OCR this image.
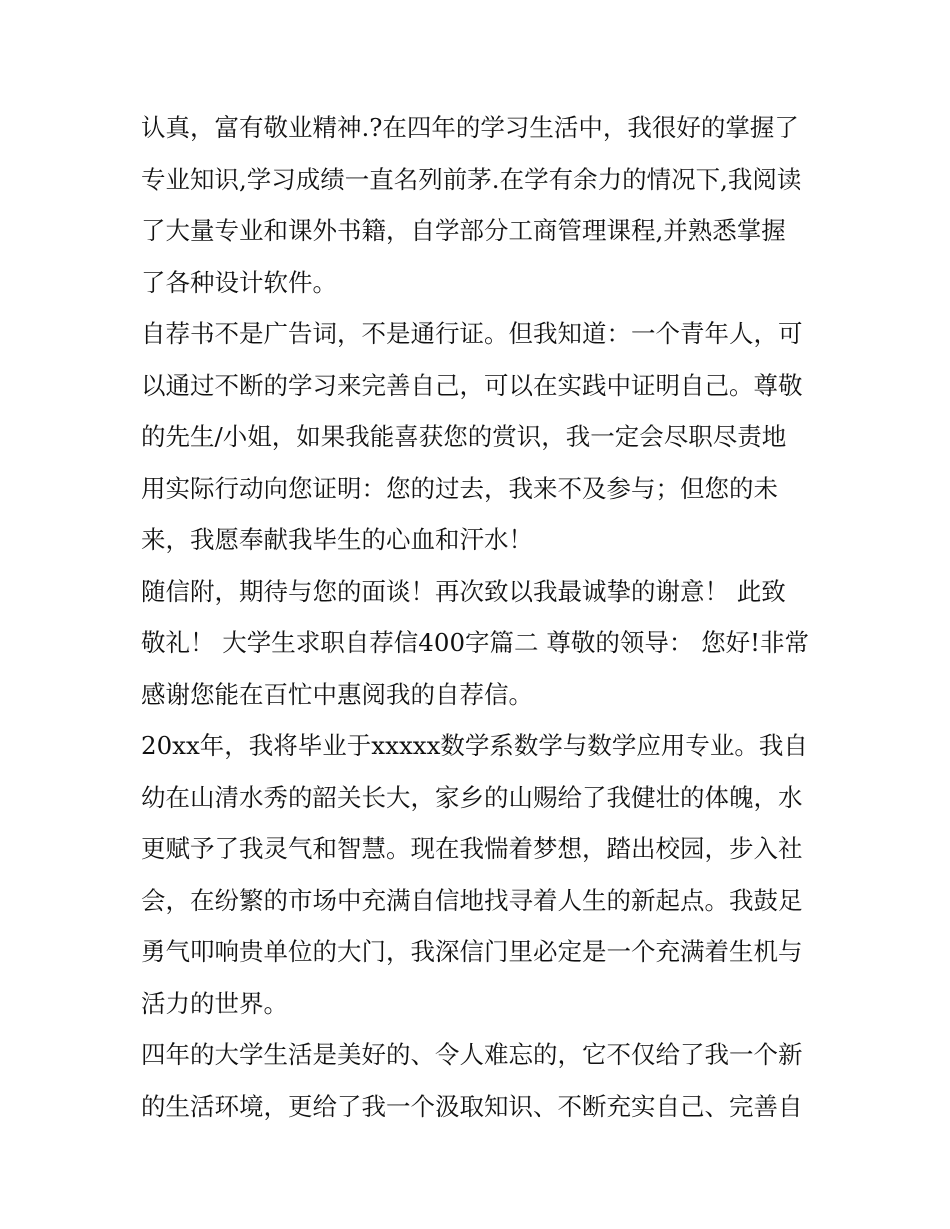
认真，富有敬业精神.?在四年的学习生活中，我很好的掌握了
专业知识,学习成绩一直名列前茅.在学有余力的情况下,我阅读
了大量专业和课外书籍，自学部分工商管理课程,并熟悉掌握
了各种设计软件。
自荐书不是广告词，不是通行证。但我知道：一个青年人，可
以通过不断的学习来完善自己，可以在实践中证明自己。尊敬
的先生/小姐，如果我能喜获您的赏识，我一定会尽职尽责地
用实际行动向您证明：您的过去，我来不及参与；但您的未
来，我愿奉献我毕生的心血和汗水！
随信附，期待与您的面谈！再次致以我最诚挚的谢意！ 此致
敬礼！ 大学生求职自荐信400字篇二 尊敬的领导： 您好!非常
感谢您能在百忙中惠阅我的自荐信。
20xx年，我将毕业于xxxxx数学系数学与数学应用专业。我自
幼在山清水秀的韶关长大，家乡的山赐给了我健壮的体魄，水
更赋予了我灵气和智慧。现在我惴着梦想，踏出校园，步入社
会，在纷繁的市场中充满自信地找寻着人生的新起点。我鼓足
勇气叩响贵单位的大门，我深信门里必定是一个充满着生机与
活力的世界。
四年的大学生活是美好的、令人难忘的，它不仅给了我一个新
的生活环境，更给了我一个汲取知识、不断充实自己、完善自
